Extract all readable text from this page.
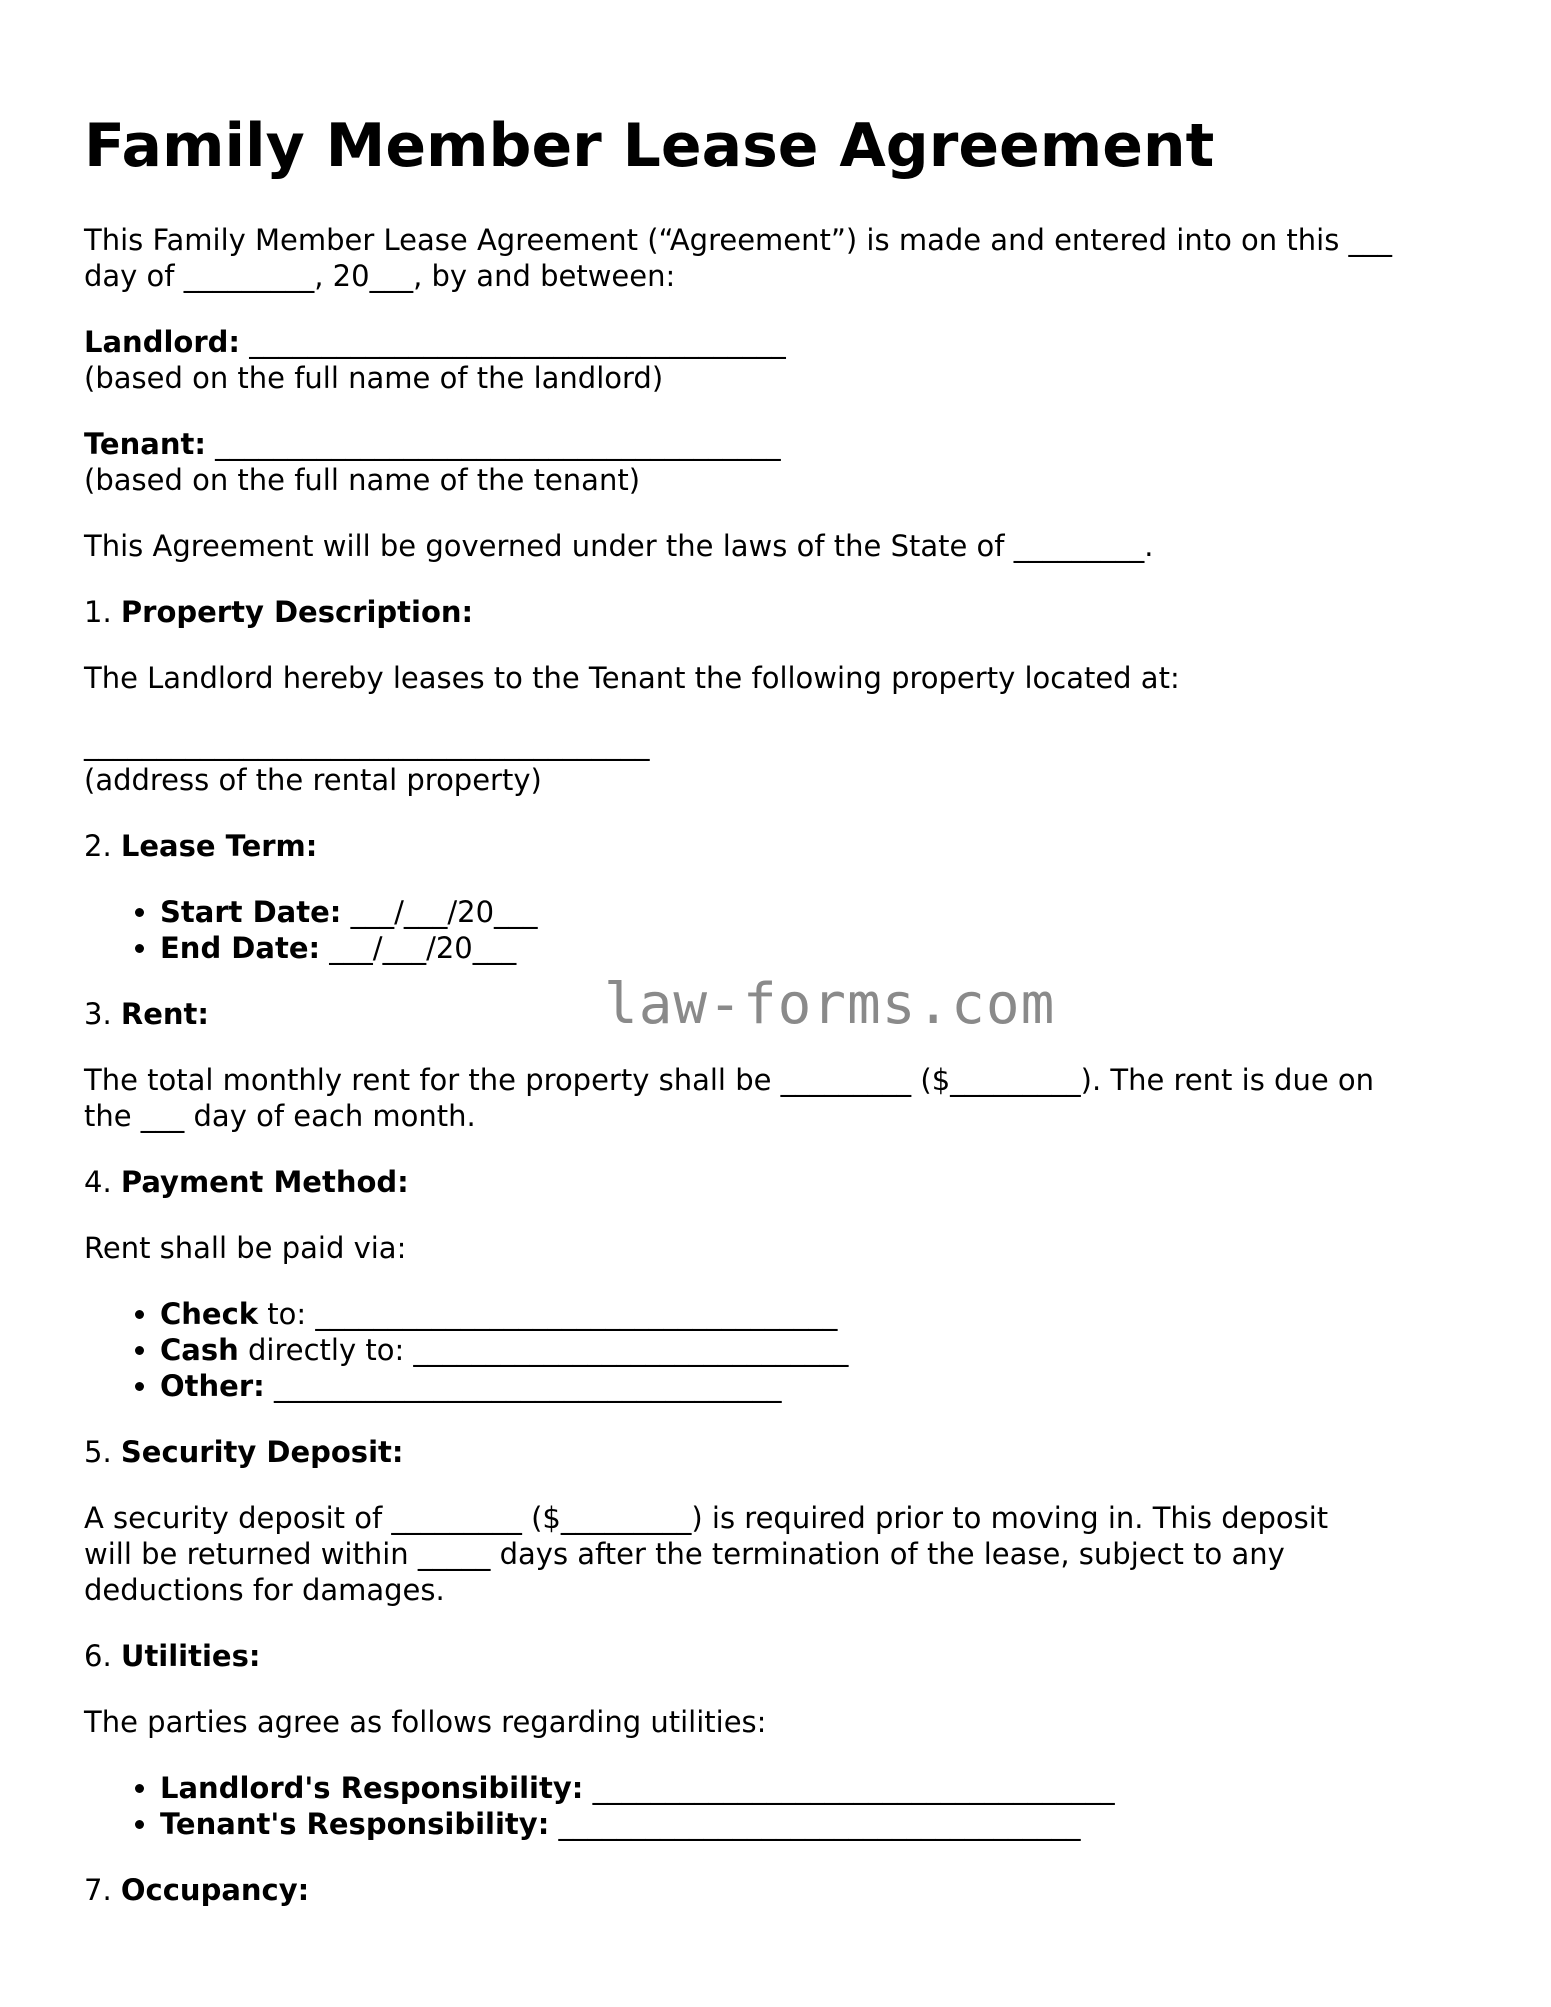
Family Member Lease Agreement

This Family Member Lease Agreement (“Agreement”) is made and entered into on this ___

day of _________, 20___, by and between:

Landlord: _____________________________________

(based on the full name of the landlord)

Tenant: _______________________________________

(based on the full name of the tenant)

This Agreement will be governed under the laws of the State of _________.

1. Property Description:

The Landlord hereby leases to the Tenant the following property located at:

_______________________________________

(address of the rental property)

2. Lease Term:

• Start Date: ___/___/20___
• End Date: ___/___/20___

3. Rent:

The total monthly rent for the property shall be _________ ($_________). The rent is due on

the ___ day of each month.

4. Payment Method:

Rent shall be paid via:

• Check to: ____________________________________
• Cash directly to: ______________________________
• Other: ___________________________________

5. Security Deposit:

A security deposit of _________ ($_________) is required prior to moving in. This deposit

will be returned within _____ days after the termination of the lease, subject to any

deductions for damages.

6. Utilities:

The parties agree as follows regarding utilities:

• Landlord's Responsibility: ____________________________________
• Tenant's Responsibility: ____________________________________

7. Occupancy:

law-forms.com
